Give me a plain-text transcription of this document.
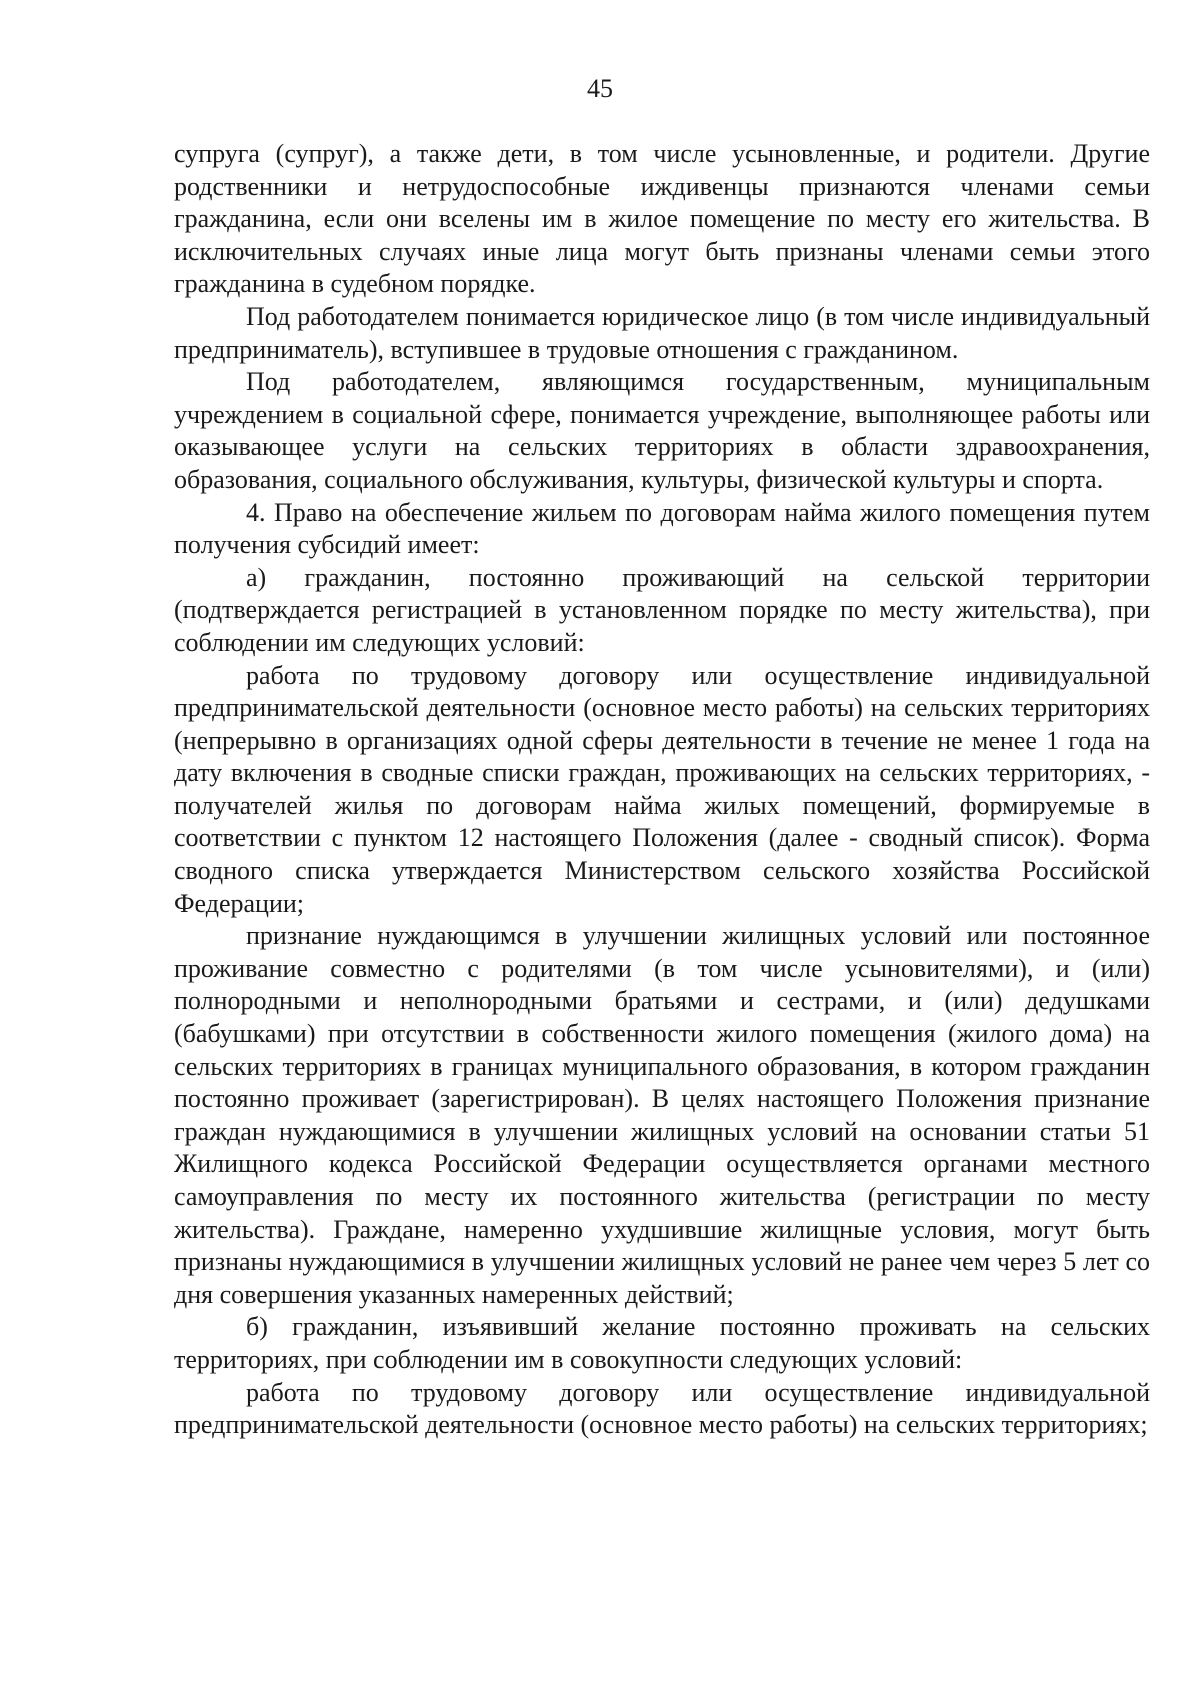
45

супруга (супруг), а также дети, в том числе усыновленные, и родители. Другие родственники и нетрудоспособные иждивенцы признаются членами семьи гражданина, если они вселены им в жилое помещение по месту его жительства. В исключительных случаях иные лица могут быть признаны членами семьи этого гражданина в судебном порядке.

Под работодателем понимается юридическое лицо (в том числе индивидуальный предприниматель), вступившее в трудовые отношения с гражданином.

Под работодателем, являющимся государственным, муниципальным учреждением в социальной сфере, понимается учреждение, выполняющее работы или оказывающее услуги на сельских территориях в области здравоохранения, образования, социального обслуживания, культуры, физической культуры и спорта.

4. Право на обеспечение жильем по договорам найма жилого помещения путем получения субсидий имеет:

а) гражданин, постоянно проживающий на сельской территории (подтверждается регистрацией в установленном порядке по месту жительства), при соблюдении им следующих условий:

работа по трудовому договору или осуществление индивидуальной предпринимательской деятельности (основное место работы) на сельских территориях (непрерывно в организациях одной сферы деятельности в течение не менее 1 года на дату включения в сводные списки граждан, проживающих на сельских территориях, - получателей жилья по договорам найма жилых помещений, формируемые в соответствии с пунктом 12 настоящего Положения (далее - сводный список). Форма сводного списка утверждается Министерством сельского хозяйства Российской Федерации;

признание нуждающимся в улучшении жилищных условий или постоянное проживание совместно с родителями (в том числе усыновителями), и (или) полнородными и неполнородными братьями и сестрами, и (или) дедушками (бабушками) при отсутствии в собственности жилого помещения (жилого дома) на сельских территориях в границах муниципального образования, в котором гражданин постоянно проживает (зарегистрирован). В целях настоящего Положения признание граждан нуждающимися в улучшении жилищных условий на основании статьи 51 Жилищного кодекса Российской Федерации осуществляется органами местного самоуправления по месту их постоянного жительства (регистрации по месту жительства). Граждане, намеренно ухудшившие жилищные условия, могут быть признаны нуждающимися в улучшении жилищных условий не ранее чем через 5 лет со дня совершения указанных намеренных действий;

б) гражданин, изъявивший желание постоянно проживать на сельских территориях, при соблюдении им в совокупности следующих условий:

работа по трудовому договору или осуществление индивидуальной предпринимательской деятельности (основное место работы) на сельских территориях;
